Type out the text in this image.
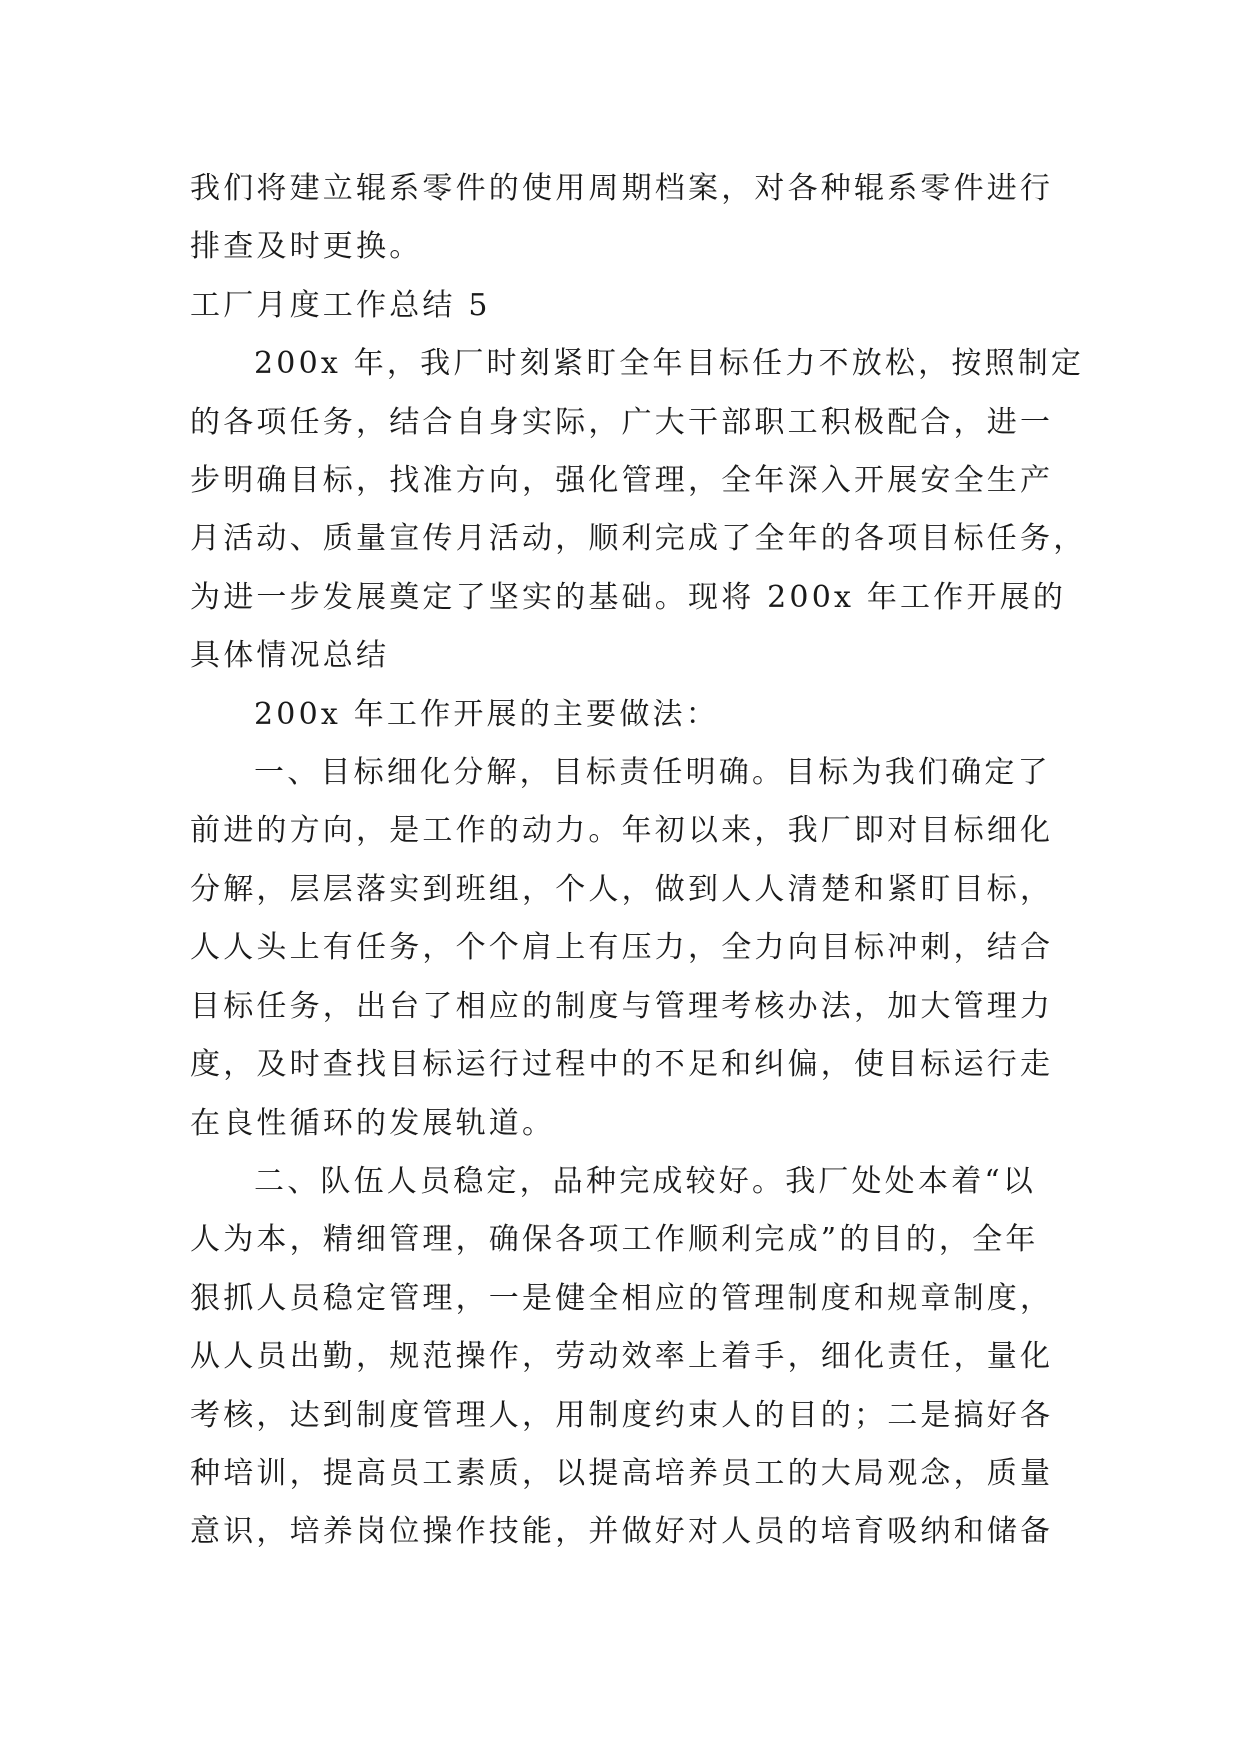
我们将建立辊系零件的使用周期档案，对各种辊系零件进行
排查及时更换。

工厂月度工作总结 5

200x 年，我厂时刻紧盯全年目标任力不放松，按照制定
的各项任务，结合自身实际，广大干部职工积极配合，进一
步明确目标，找准方向，强化管理，全年深入开展安全生产
月活动、质量宣传月活动，顺利完成了全年的各项目标任务，
为进一步发展奠定了坚实的基础。现将 200x 年工作开展的
具体情况总结

200x 年工作开展的主要做法：

一、目标细化分解，目标责任明确。目标为我们确定了
前进的方向，是工作的动力。年初以来，我厂即对目标细化
分解，层层落实到班组，个人，做到人人清楚和紧盯目标，
人人头上有任务，个个肩上有压力，全力向目标冲刺，结合
目标任务，出台了相应的制度与管理考核办法，加大管理力
度，及时查找目标运行过程中的不足和纠偏，使目标运行走
在良性循环的发展轨道。

二、队伍人员稳定，品种完成较好。我厂处处本着“以
人为本，精细管理，确保各项工作顺利完成”的目的，全年
狠抓人员稳定管理，一是健全相应的管理制度和规章制度，
从人员出勤，规范操作，劳动效率上着手，细化责任，量化
考核，达到制度管理人，用制度约束人的目的；二是搞好各
种培训，提高员工素质，以提高培养员工的大局观念，质量
意识，培养岗位操作技能，并做好对人员的培育吸纳和储备
